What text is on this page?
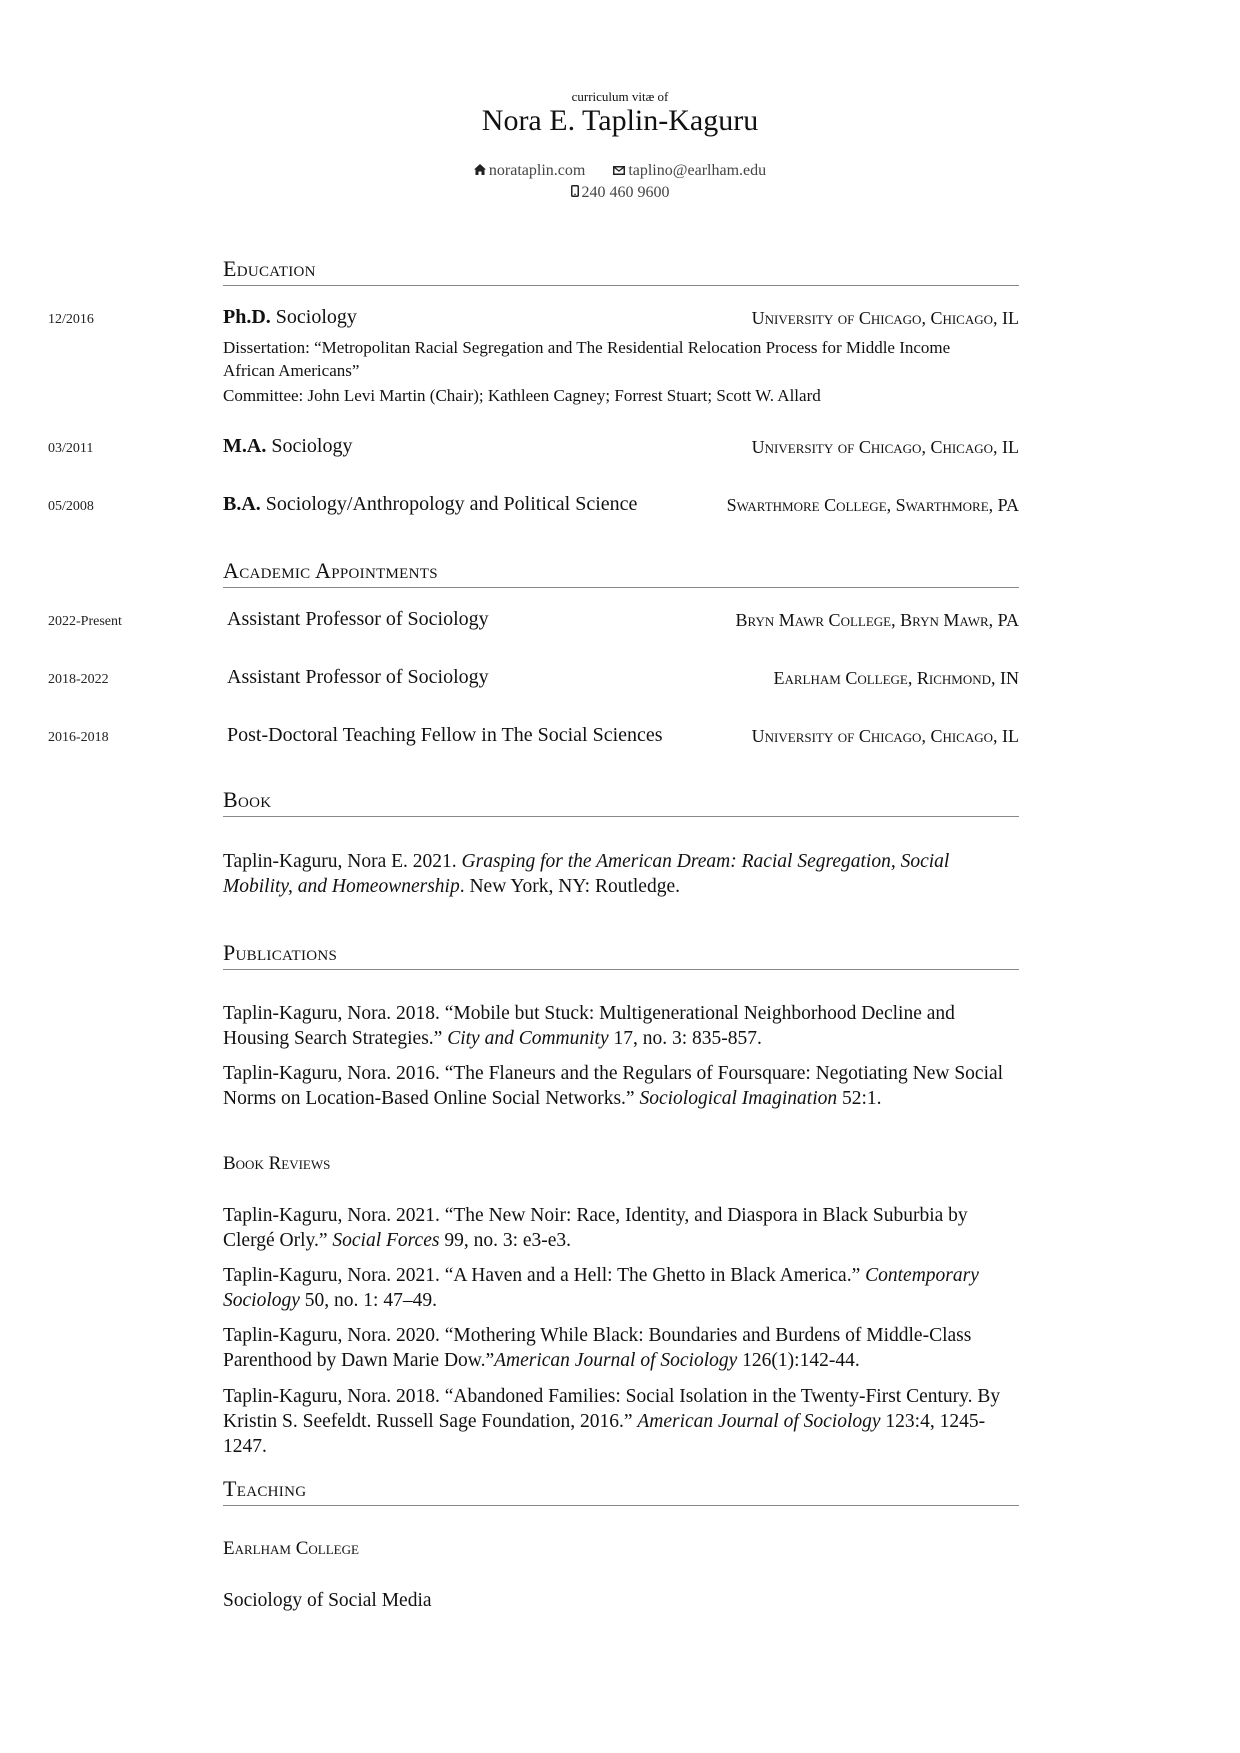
curriculum vitæ of
Nora E. Taplin-Kaguru
norataplin.com	taplino@earlham.edu
240 460 9600
Education
12/2016	Ph.D. Sociology	University of Chicago, Chicago, IL
Dissertation: “Metropolitan Racial Segregation and The Residential Relocation Process for Middle Income
African Americans”
Committee: John Levi Martin (Chair); Kathleen Cagney; Forrest Stuart; Scott W. Allard
03/2011	M.A. Sociology	University of Chicago, Chicago, IL
05/2008	B.A. Sociology/Anthropology and Political Science	Swarthmore College, Swarthmore, PA
Academic Appointments
2022-Present	Assistant Professor of Sociology	Bryn Mawr College, Bryn Mawr, PA
2018-2022	Assistant Professor of Sociology	Earlham College, Richmond, IN
2016-2018	Post-Doctoral Teaching Fellow in The Social Sciences	University of Chicago, Chicago, IL
Book
Taplin-Kaguru, Nora E. 2021. Grasping for the American Dream: Racial Segregation, Social Mobility, and Homeownership. New York, NY: Routledge.
Publications
Taplin-Kaguru, Nora. 2018. “Mobile but Stuck: Multigenerational Neighborhood Decline and Housing Search Strategies.” City and Community 17, no. 3: 835-857.
Taplin-Kaguru, Nora. 2016. “The Flaneurs and the Regulars of Foursquare: Negotiating New Social Norms on Location-Based Online Social Networks.” Sociological Imagination 52:1.
Book Reviews
Taplin-Kaguru, Nora. 2021. “The New Noir: Race, Identity, and Diaspora in Black Suburbia by Clergé Orly.” Social Forces 99, no. 3: e3-e3.
Taplin-Kaguru, Nora. 2021. “A Haven and a Hell: The Ghetto in Black America.” Contemporary Sociology 50, no. 1: 47–49.
Taplin-Kaguru, Nora. 2020. “Mothering While Black: Boundaries and Burdens of Middle-Class Parenthood by Dawn Marie Dow.”American Journal of Sociology 126(1):142-44.
Taplin-Kaguru, Nora. 2018. “Abandoned Families: Social Isolation in the Twenty-First Century. By Kristin S. Seefeldt. Russell Sage Foundation, 2016.” American Journal of Sociology 123:4, 1245-1247.
Teaching
Earlham College
Sociology of Social Media
